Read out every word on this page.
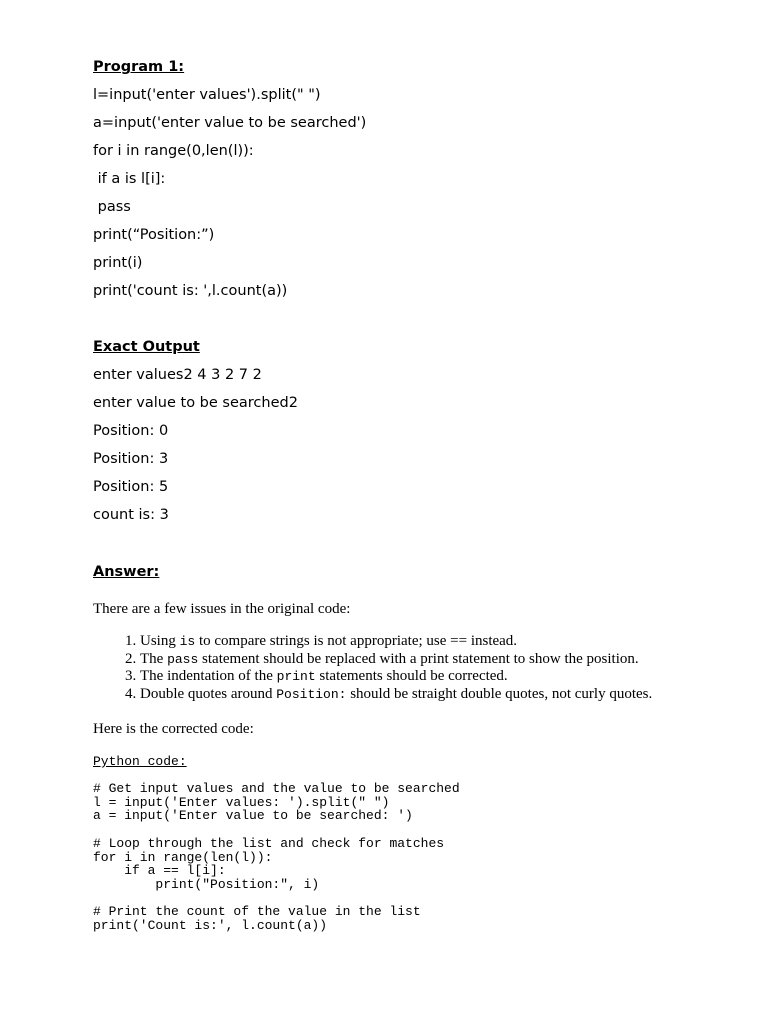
Program 1:
l=input('enter values').split(" ")
a=input('enter value to be searched')
for i in range(0,len(l)):
if a is l[i]:
pass
print(“Position:”)
print(i)
print('count is: ',l.count(a))
Exact Output
enter values2 4 3 2 7 2
enter value to be searched2
Position: 0
Position: 3
Position: 5
count is: 3
Answer:
There are a few issues in the original code:
1. Using is to compare strings is not appropriate; use == instead.
2. The pass statement should be replaced with a print statement to show the position.
3. The indentation of the print statements should be corrected.
4. Double quotes around Position: should be straight double quotes, not curly quotes.
Here is the corrected code:
Python code:
# Get input values and the value to be searched
l = input('Enter values: ').split(" ")
a = input('Enter value to be searched: ')

# Loop through the list and check for matches
for i in range(len(l)):
if a == l[i]:
print("Position:", i)

# Print the count of the value in the list
print('Count is:', l.count(a))
